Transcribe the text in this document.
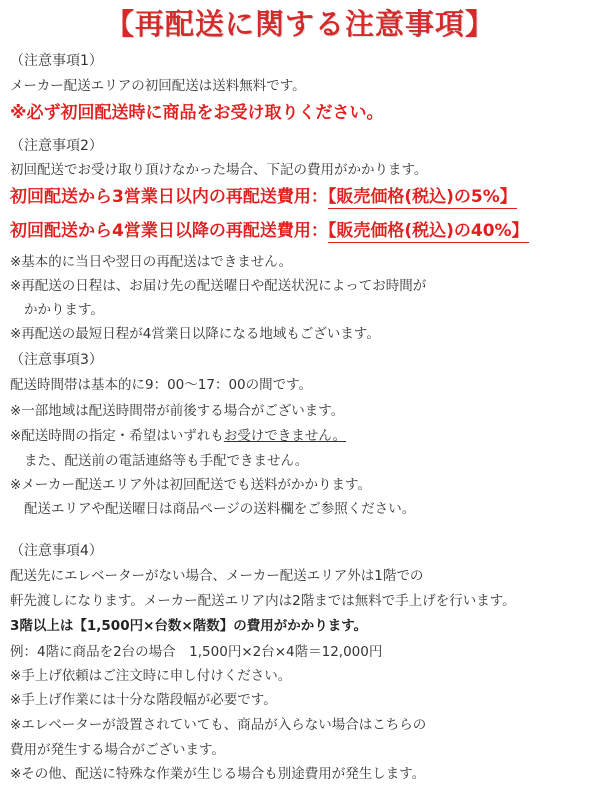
【再配送に関する注意事項】
（注意事項1）
メーカー配送エリアの初回配送は送料無料です。
※必ず初回配送時に商品をお受け取りください。
（注意事項2）
初回配送でお受け取り頂けなかった場合、下記の費用がかかります。
初回配送から3営業日以内の再配送費用：【販売価格(税込)の5%】
初回配送から4営業日以降の再配送費用：【販売価格(税込)の40%】
※基本的に当日や翌日の再配送はできません。
※再配送の日程は、お届け先の配送曜日や配送状況によってお時間が
かかります。
※再配送の最短日程が4営業日以降になる地域もございます。
（注意事項3）
配送時間帯は基本的に9：00〜17：00の間です。
※一部地域は配送時間帯が前後する場合がございます。
※配送時間の指定・希望はいずれもお受けできません。
また、配送前の電話連絡等も手配できません。
※メーカー配送エリア外は初回配送でも送料がかかります。
配送エリアや配送曜日は商品ページの送料欄をご参照ください。
（注意事項4）
配送先にエレベーターがない場合、メーカー配送エリア外は1階での
軒先渡しになります。メーカー配送エリア内は2階までは無料で手上げを行います。
3階以上は【1,500円×台数×階数】の費用がかかります。
例：4階に商品を2台の場合　1,500円×2台×4階＝12,000円
※手上げ依頼はご注文時に申し付けください。
※手上げ作業には十分な階段幅が必要です。
※エレベーターが設置されていても、商品が入らない場合はこちらの
費用が発生する場合がございます。
※その他、配送に特殊な作業が生じる場合も別途費用が発生します。
